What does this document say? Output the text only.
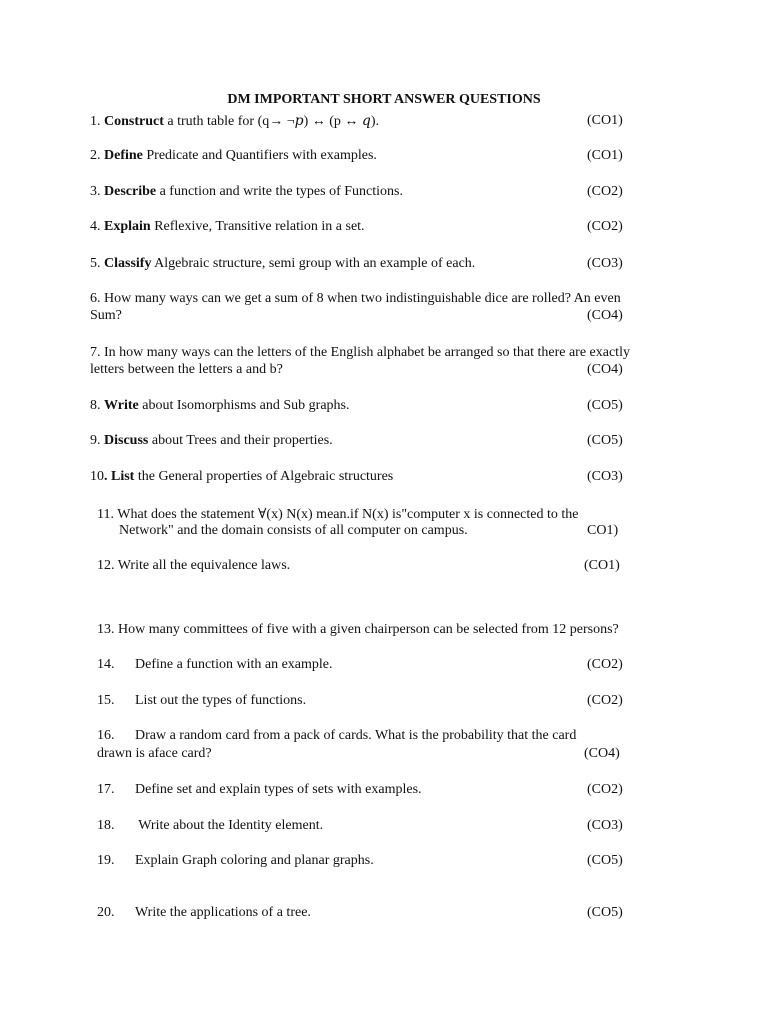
DM IMPORTANT SHORT ANSWER QUESTIONS
1. Construct a truth table for (q→ ¬𝑝) ↔ (p ↔ 𝑞).	(CO1)
2. Define Predicate and Quantifiers with examples.	(CO1)
3. Describe a function and write the types of Functions.	(CO2)
4. Explain Reflexive, Transitive relation in a set.	(CO2)
5. Classify Algebraic structure, semi group with an example of each.	(CO3)
6. How many ways can we get a sum of 8 when two indistinguishable dice are rolled? An even
Sum?	(CO4)
7. In how many ways can the letters of the English alphabet be arranged so that there are exactly
letters between the letters a and b?	(CO4)
8. Write about Isomorphisms and Sub graphs.	(CO5)
9. Discuss about Trees and their properties.	(CO5)
10. List the General properties of Algebraic structures	(CO3)
11. What does the statement ∀(x) N(x) mean.if N(x) is"computer x is connected to the
Network" and the domain consists of all computer on campus.	CO1)
12. Write all the equivalence laws.	(CO1)
13. How many committees of five with a given chairperson can be selected from 12 persons?
14. Define a function with an example.	(CO2)
15. List out the types of functions.	(CO2)
16. Draw a random card from a pack of cards. What is the probability that the card
drawn is aface card?	(CO4)
17. Define set and explain types of sets with examples.	(CO2)
18. Write about the Identity element.	(CO3)
19. Explain Graph coloring and planar graphs.	(CO5)
20. Write the applications of a tree.	(CO5)
